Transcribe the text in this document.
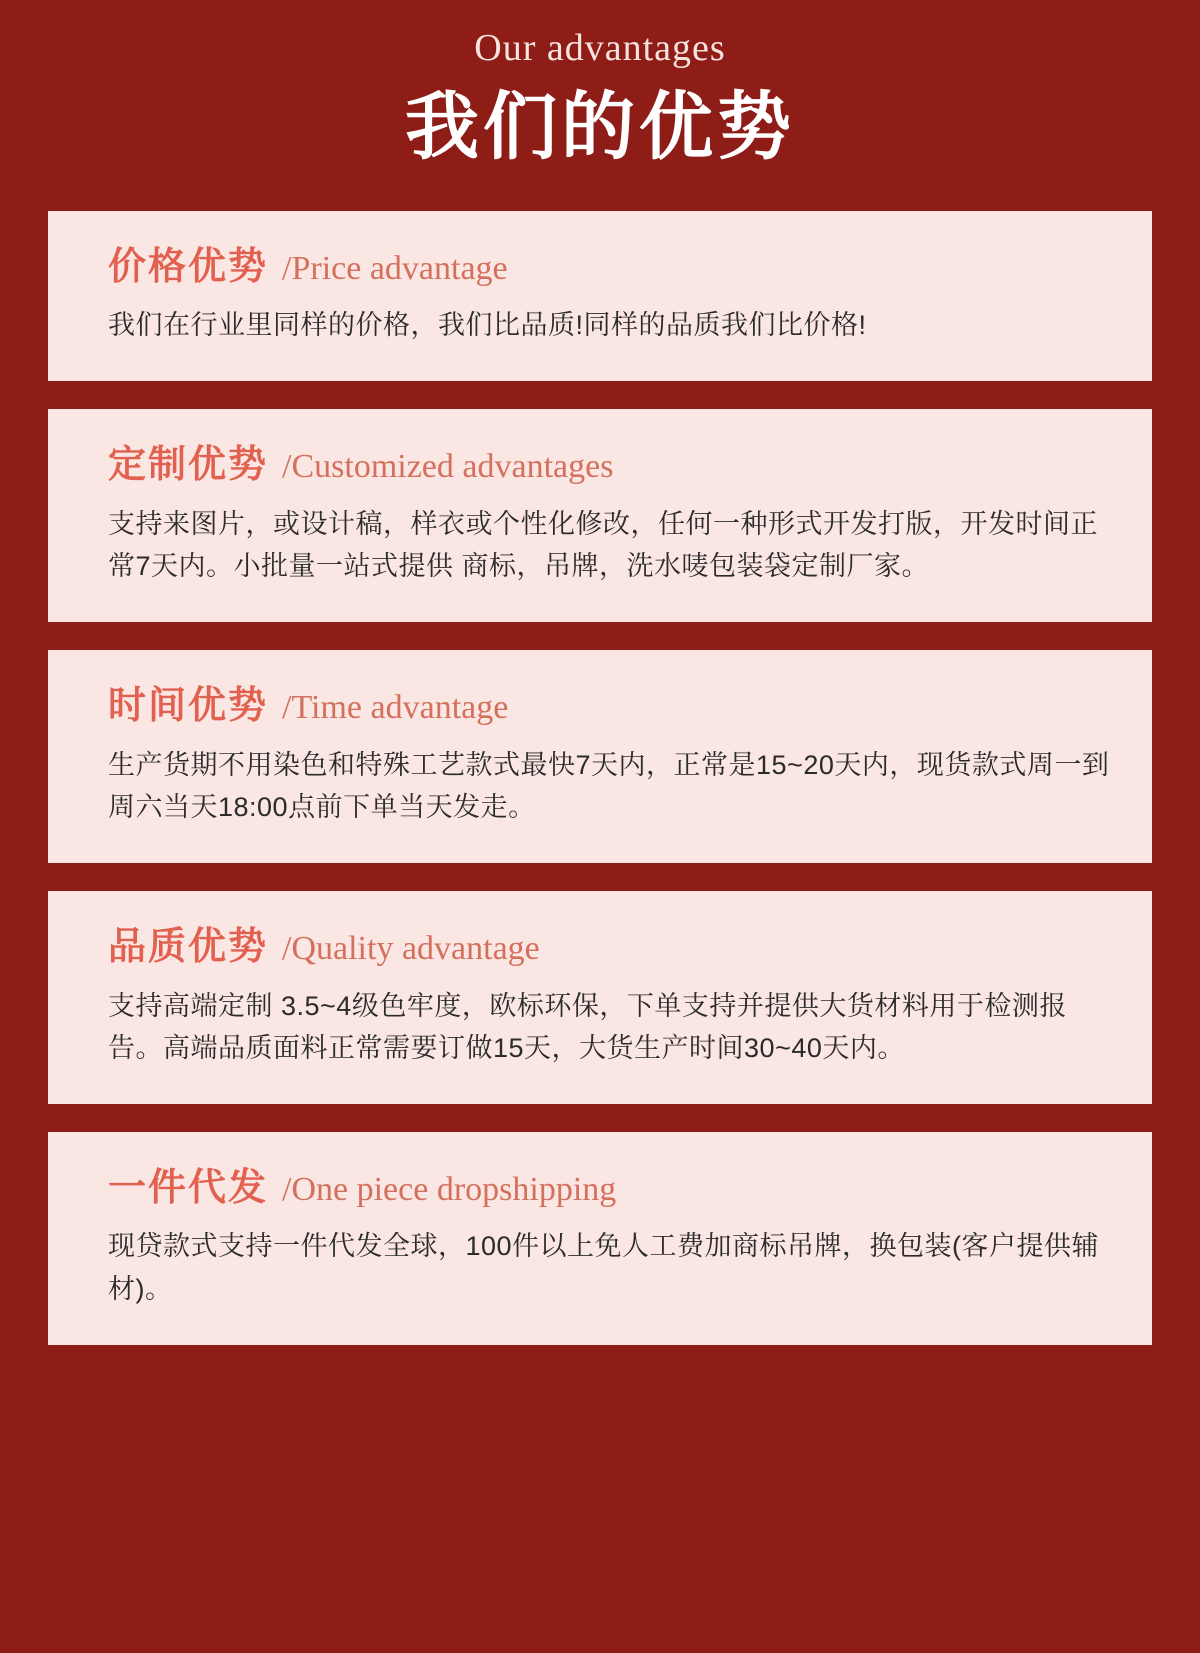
Our advantages
我们的优势
价格优势 /Price advantage
我们在行业里同样的价格，我们比品质!同样的品质我们比价格!
定制优势 /Customized advantages
支持来图片，或设计稿，样衣或个性化修改，任何一种形式开发打版，开发时间正常7天内。小批量一站式提供 商标，吊牌，洗水唛包装袋定制厂家。
时间优势 /Time advantage
生产货期不用染色和特殊工艺款式最快7天内，正常是15~20天内，现货款式周一到周六当天18:00点前下单当天发走。
品质优势 /Quality advantage
支持高端定制 3.5~4级色牢度，欧标环保，下单支持并提供大货材料用于检测报告。高端品质面料正常需要订做15天，大货生产时间30~40天内。
一件代发 /One piece dropshipping
现贷款式支持一件代发全球，100件以上免人工费加商标吊牌，换包装(客户提供辅材)。
